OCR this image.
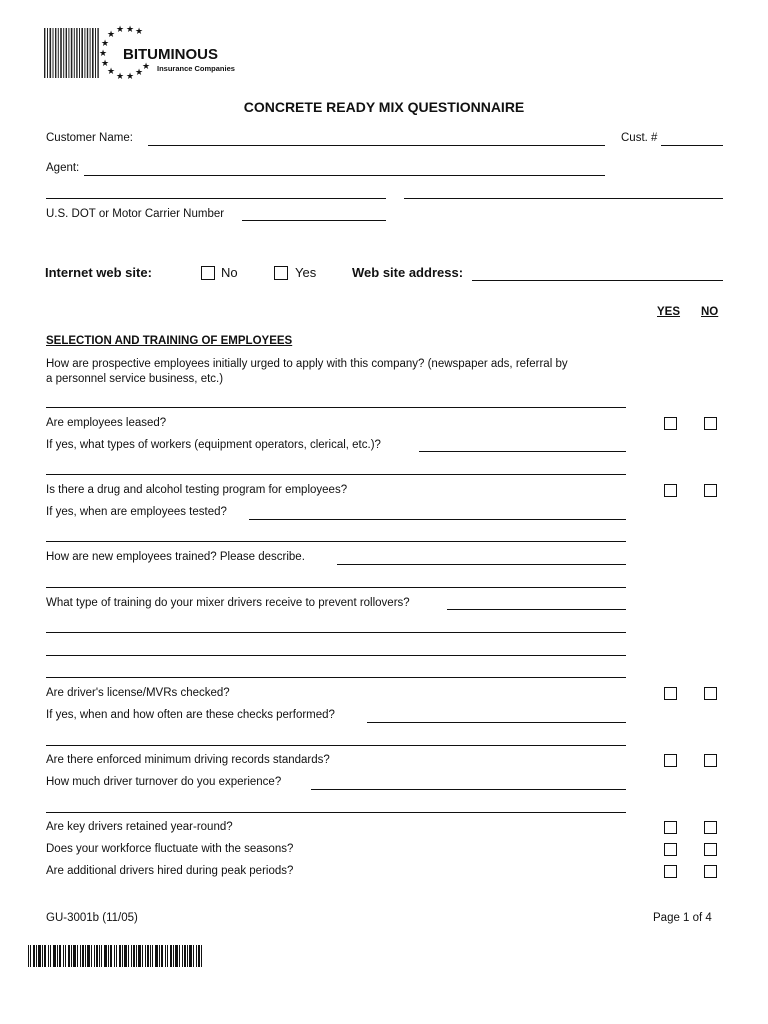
★ ★ ★
★
★
★
★
★ ★ ★ ★
★
BITUMINOUS
Insurance Companies
CONCRETE READY MIX QUESTIONNAIRE
Customer Name:	Cust. #
Agent:
U.S. DOT or Motor Carrier Number
Internet web site:	No	Yes	Web site address:
YES NO
SELECTION AND TRAINING OF EMPLOYEES
How are prospective employees initially urged to apply with this company? (newspaper ads, referral by
a personnel service business, etc.)
Are employees leased?
If yes, what types of workers (equipment operators, clerical, etc.)?
Is there a drug and alcohol testing program for employees?
If yes, when are employees tested?
How are new employees trained? Please describe.
What type of training do your mixer drivers receive to prevent rollovers?
Are driver's license/MVRs checked?
If yes, when and how often are these checks performed?
Are there enforced minimum driving records standards?
How much driver turnover do you experience?
Are key drivers retained year-round?
Does your workforce fluctuate with the seasons?
Are additional drivers hired during peak periods?
GU-3001b (11/05)	Page 1 of 4
